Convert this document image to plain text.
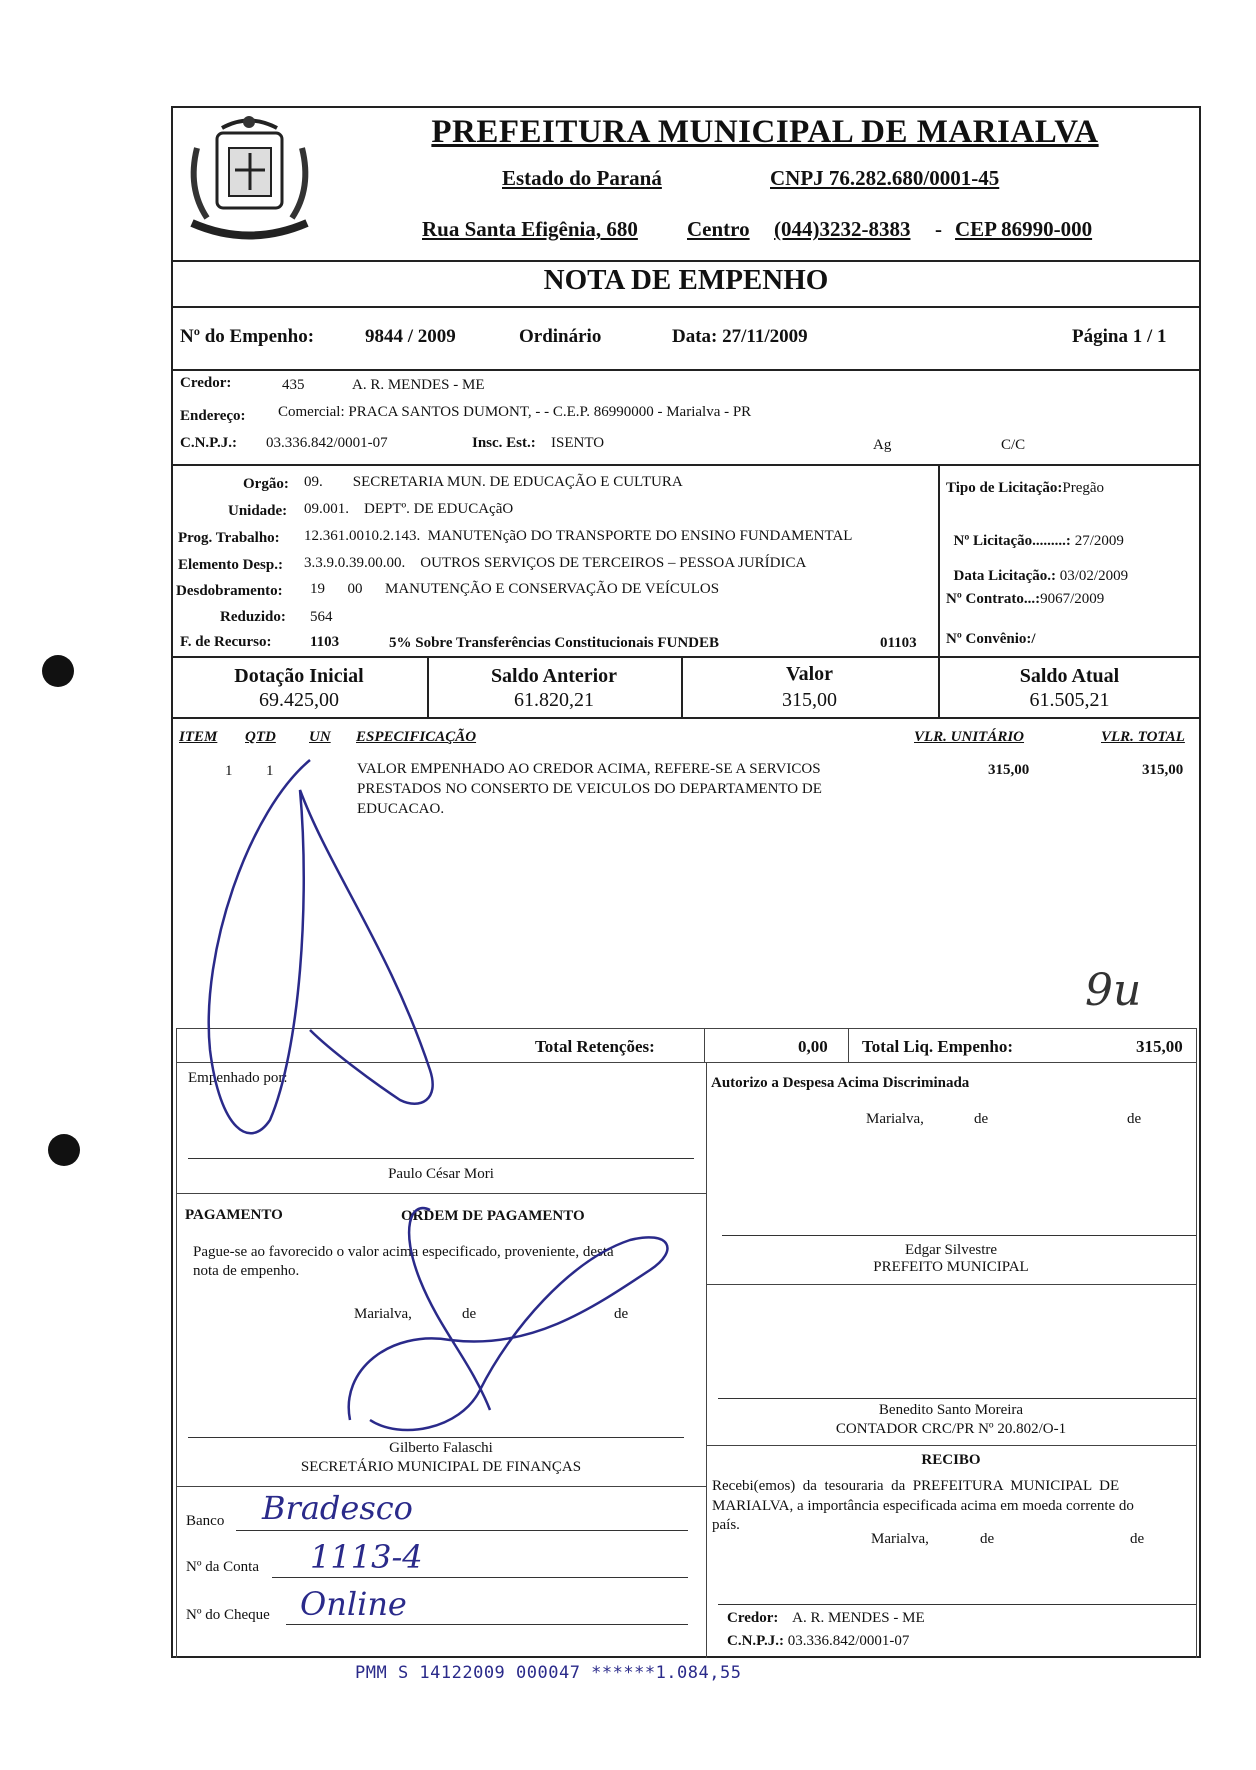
PREFEITURA MUNICIPAL DE MARIALVA
Estado do Paraná	CNPJ 76.282.680/0001-45
Rua Santa Efigênia, 680 Centro (044)3232-8383 - CEP 86990-000
NOTA DE EMPENHO
Nº do Empenho:	9844 / 2009	Ordinário	Data: 27/11/2009	Página 1 / 1
Credor:	435	A. R. MENDES - ME
Endereço: Comercial: PRACA SANTOS DUMONT, - - C.E.P. 86990000 - Marialva - PR
C.N.P.J.: 03.336.842/0001-07	Insc. Est.: ISENTO	Ag	C/C
Orgão: 09.        SECRETARIA MUN. DE EDUCAÇÃO E CULTURA
Unidade: 09.001.    DEPTº. DE EDUCAçãO
Prog. Trabalho: 12.361.0010.2.143.  MANUTENçãO DO TRANSPORTE DO ENSINO FUNDAMENTAL
Elemento Desp.: 3.3.9.0.39.00.00.    OUTROS SERVIÇOS DE TERCEIROS – PESSOA JURÍDICA
Desdobramento: 19      00      MANUTENÇÃO E CONSERVAÇÃO DE VEÍCULOS
Reduzido: 564
F. de Recurso:	1103	5% Sobre Transferências Constitucionais FUNDEB	01103
Tipo de Licitação:Pregão

Nº Licitação.........: 27/2009

Data Licitação.: 03/02/2009

Nº Contrato...:9067/2009
Nº Convênio:/
Dotação Inicial
69.425,00
Saldo Anterior
61.820,21
Valor
315,00
Saldo Atual
61.505,21
ITEM QTD UN ESPECIFICAÇÃO	VLR. UNITÁRIO	VLR. TOTAL
1 1	VALOR EMPENHADO AO CREDOR ACIMA, REFERE-SE A SERVICOS
PRESTADOS NO CONSERTO DE VEICULOS DO DEPARTAMENTO DE
EDUCACAO.
315,00	315,00
9u
Total Retenções:	0,00 Total Liq. Empenho:	315,00
Empenhado por:
Paulo César Mori
Autorizo a Despesa Acima Discriminada
Marialva,	de	de
Edgar Silvestre
PREFEITO MUNICIPAL
Benedito Santo Moreira
CONTADOR CRC/PR Nº 20.802/O-1
PAGAMENTO	ORDEM DE PAGAMENTO
Pague-se ao favorecido o valor acima especificado, proveniente, desta
nota de empenho.
Marialva,	de	de
Gilberto Falaschi
SECRETÁRIO MUNICIPAL DE FINANÇAS
Banco Bradesco
Nº da Conta 1113-4
Nº do Cheque Online
RECIBO
Recebi(emos)  da  tesouraria  da  PREFEITURA  MUNICIPAL  DE
MARIALVA, a importância especificada acima em moeda corrente do
país.
Marialva,	de	de
Credor: A. R. MENDES - ME
C.N.P.J.: 03.336.842/0001-07
PMM S 14122009 000047 ******1.084,55
